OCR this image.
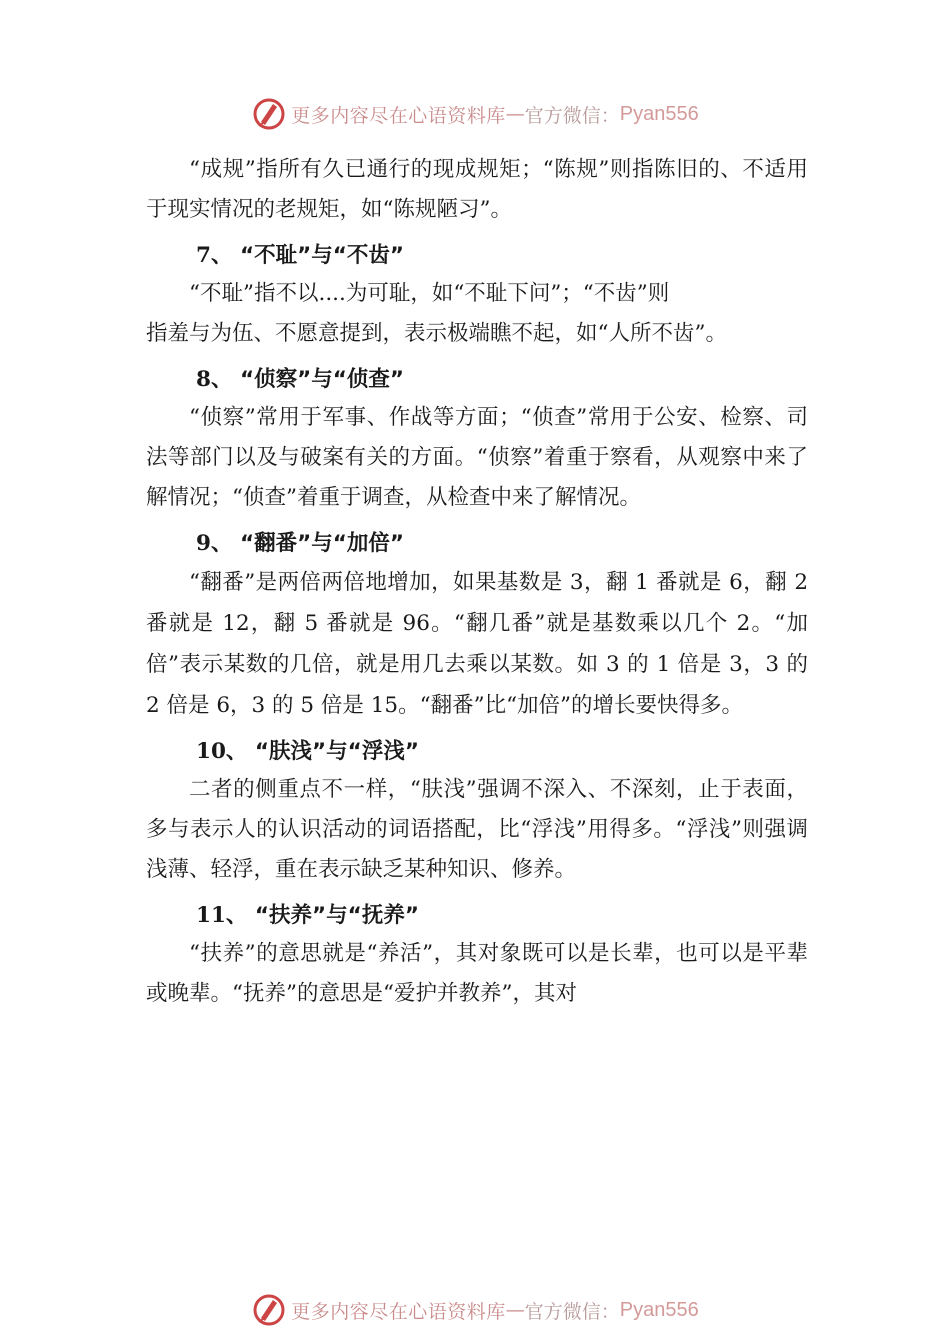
更多内容尽在心语资料库 — 官方微信： Pyan556

“成规”指所有久已通行的现成规矩；“陈规”则指陈旧的、不适用于现实情况的老规矩，如“陈规陋习”。

7、 “不耻”与“不齿”

“不耻”指不以....为可耻，如“不耻下问”；“不齿”则

指羞与为伍、不愿意提到，表示极端瞧不起，如“人所不齿”。

8、 “侦察”与“侦查”

“侦察”常用于军事、作战等方面；“侦查”常用于公安、检察、司法等部门以及与破案有关的方面。“侦察”着重于察看，从观察中来了解情况；“侦查”着重于调查，从检查中来了解情况。

9、 “翻番”与“加倍”

“翻番”是两倍两倍地增加，如果基数是 3，翻 1 番就是 6，翻 2 番就是 12，翻 5 番就是 96。“翻几番”就是基数乘以几个 2。“加倍”表示某数的几倍，就是用几去乘以某数。如 3 的 1 倍是 3，3 的 2 倍是 6，3 的 5 倍是 15。“翻番”比“加倍”的增长要快得多。

10、 “肤浅”与“浮浅”

二者的侧重点不一样，“肤浅”强调不深入、不深刻，止于表面，多与表示人的认识活动的词语搭配，比“浮浅”用得多。“浮浅”则强调浅薄、轻浮，重在表示缺乏某种知识、修养。

11、 “扶养”与“抚养”

“扶养”的意思就是“养活”，其对象既可以是长辈，也可以是平辈或晚辈。“抚养”的意思是“爱护并教养”，其对

更多内容尽在心语资料库 — 官方微信： Pyan556
